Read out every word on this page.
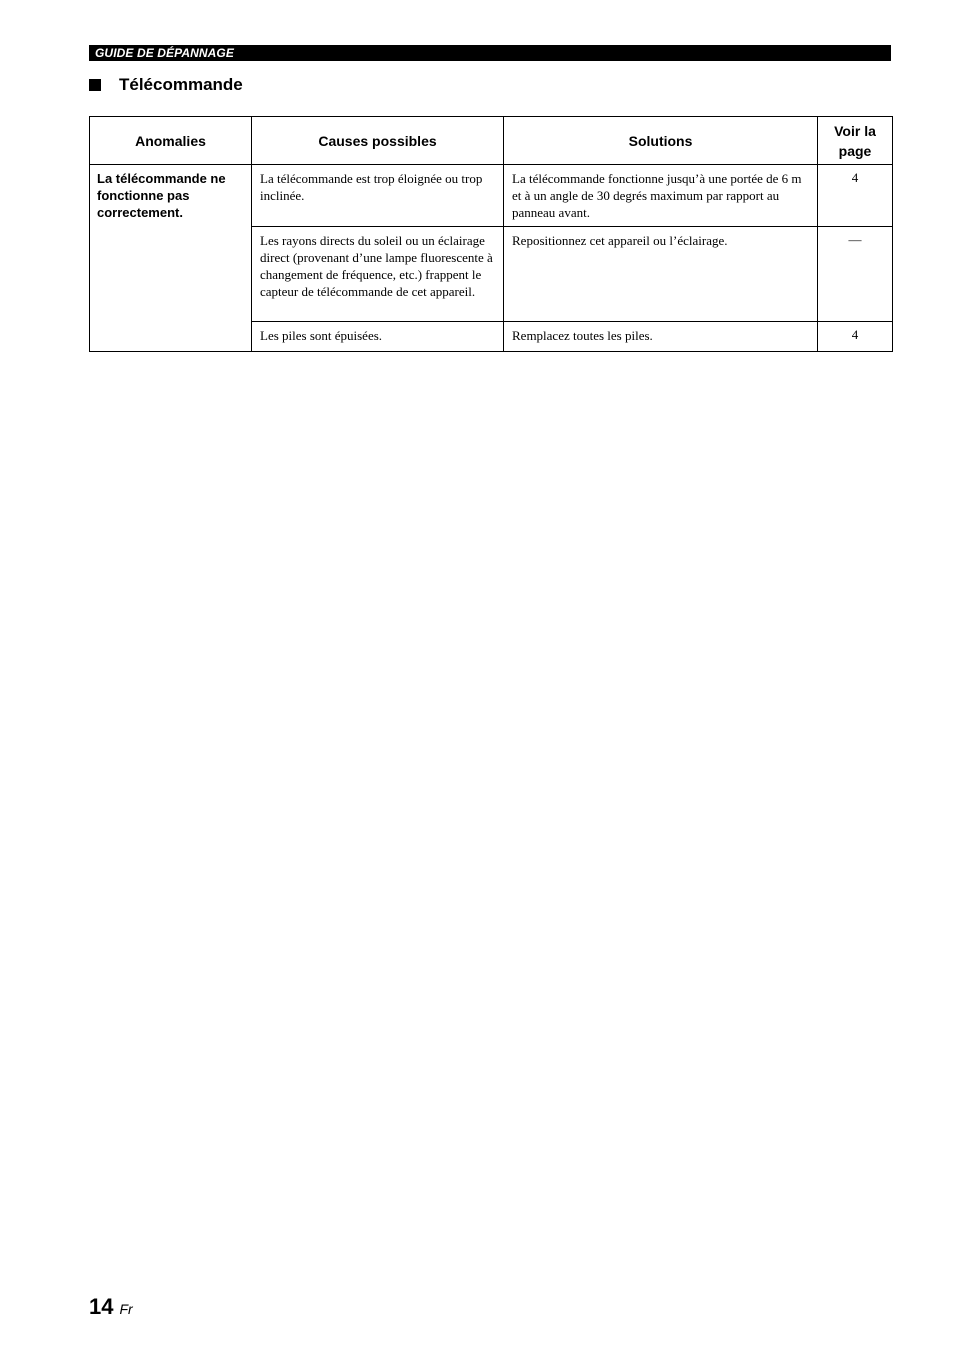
GUIDE DE DÉPANNAGE
Télécommande
Anomalies	Causes possibles	Solutions	Voir la page
La télécommande ne fonctionne pas correctement.	La télécommande est trop éloignée ou trop inclinée.	La télécommande fonctionne jusqu’à une portée de 6 m et à un angle de 30 degrés maximum par rapport au panneau avant.	4
	Les rayons directs du soleil ou un éclairage direct (provenant d’une lampe fluorescente à changement de fréquence, etc.) frappent le capteur de télécommande de cet appareil.	Repositionnez cet appareil ou l’éclairage.	—
	Les piles sont épuisées.	Remplacez toutes les piles.	4
14 Fr
